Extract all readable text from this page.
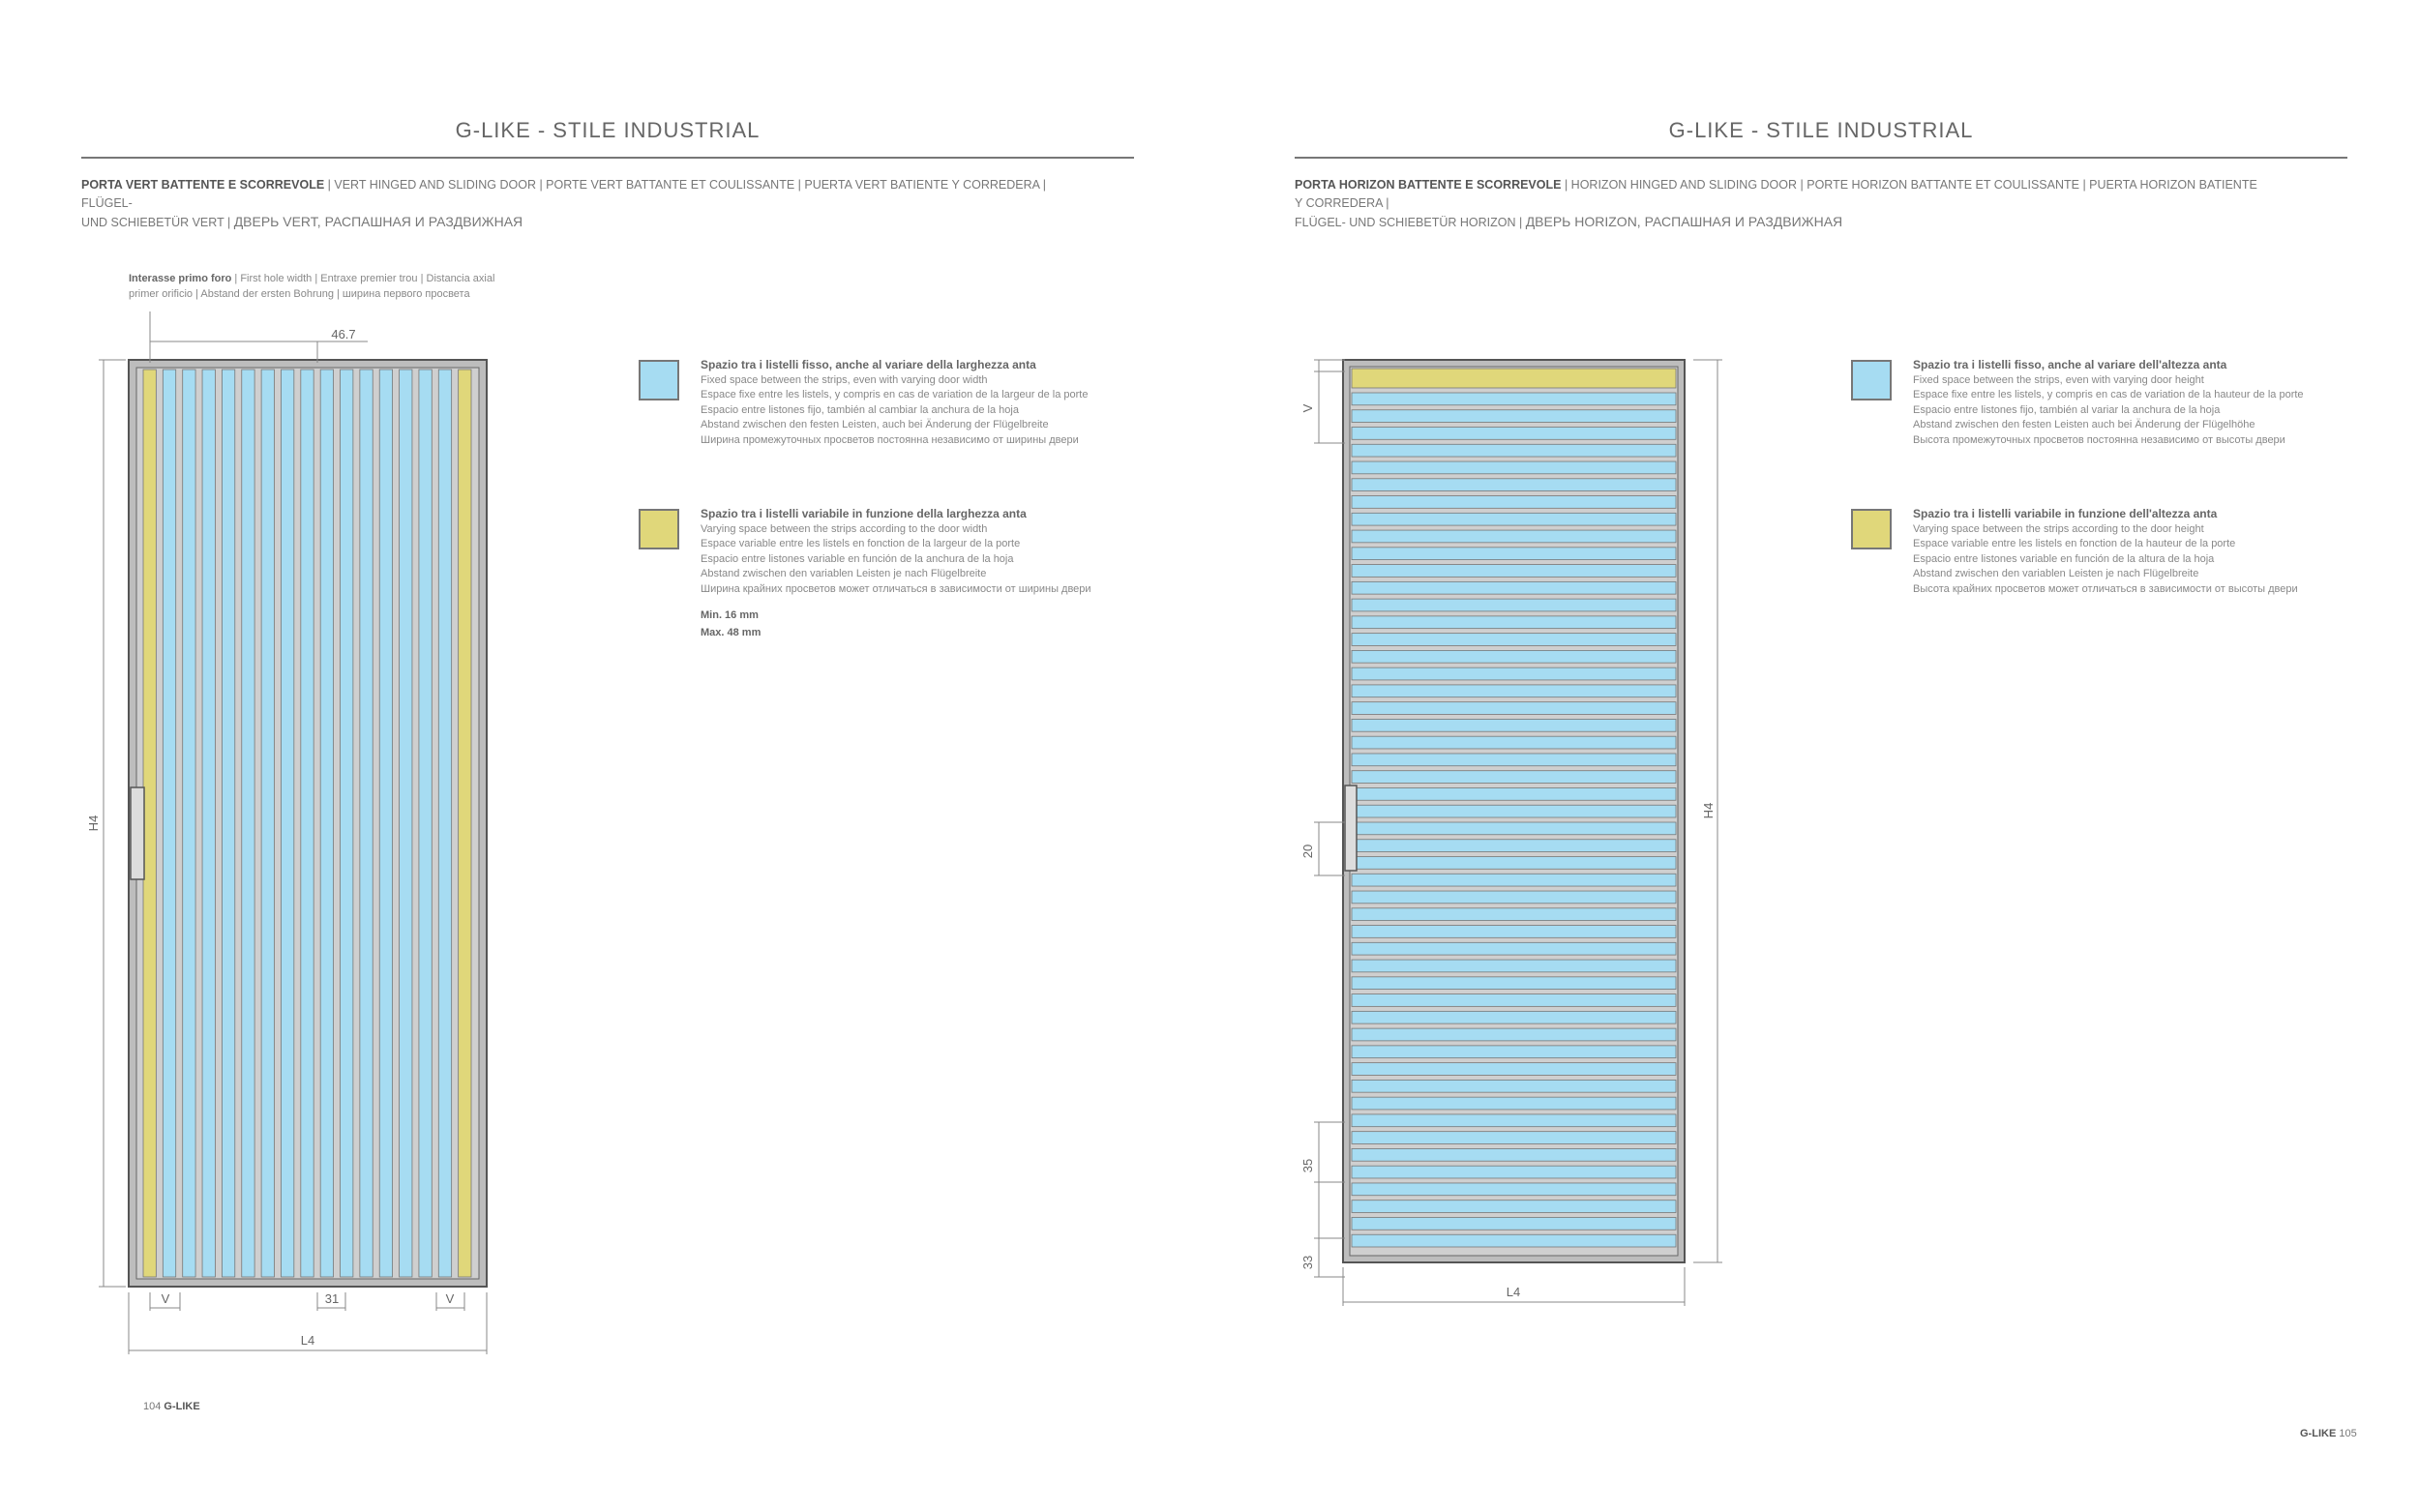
G-LIKE - STILE INDUSTRIAL
PORTA VERT BATTENTE E SCORREVOLE | VERT HINGED AND SLIDING DOOR | PORTE VERT BATTANTE ET COULISSANTE | PUERTA VERT BATIENTE Y CORREDERA | FLÜGEL-
UND SCHIEBETÜR VERT | ДВЕРЬ VERT, РАСПАШНАЯ И РАЗДВИЖНАЯ
Interasse primo foro | First hole width | Entraxe premier trou | Distancia axial
primer orificio | Abstand der ersten Bohrung | ширина первого просвета
46.7
H4
V	31	V
L4
Spazio tra i listelli fisso, anche al variare della larghezza anta
Fixed space between the strips, even with varying door width
Espace fixe entre les listels, y compris en cas de variation de la largeur de la porte
Espacio entre listones fijo, también al cambiar la anchura de la hoja
Abstand zwischen den festen Leisten, auch bei Änderung der Flügelbreite
Ширина промежуточных просветов постоянна независимо от ширины двери
Spazio tra i listelli variabile in funzione della larghezza anta
Varying space between the strips according to the door width
Espace variable entre les listels en fonction de la largeur de la porte
Espacio entre listones variable en función de la anchura de la hoja
Abstand zwischen den variablen Leisten je nach Flügelbreite
Ширина крайних просветов может отличаться в зависимости от ширины двери
Min. 16 mm
Max. 48 mm
104 G-LIKE
G-LIKE - STILE INDUSTRIAL
PORTA HORIZON BATTENTE E SCORREVOLE | HORIZON HINGED AND SLIDING DOOR | PORTE HORIZON BATTANTE ET COULISSANTE | PUERTA HORIZON BATIENTE Y CORREDERA |
FLÜGEL- UND SCHIEBETÜR HORIZON | ДВЕРЬ HORIZON, РАСПАШНАЯ И РАЗДВИЖНАЯ
V
20
35
33
H4
L4
Spazio tra i listelli fisso, anche al variare dell'altezza anta
Fixed space between the strips, even with varying door height
Espace fixe entre les listels, y compris en cas de variation de la hauteur de la porte
Espacio entre listones fijo, también al variar la anchura de la hoja
Abstand zwischen den festen Leisten auch bei Änderung der Flügelhöhe
Высота промежуточных просветов постоянна независимо от высоты двери
Spazio tra i listelli variabile in funzione dell'altezza anta
Varying space between the strips according to the door height
Espace variable entre les listels en fonction de la hauteur de la porte
Espacio entre listones variable en función de la altura de la hoja
Abstand zwischen den variablen Leisten je nach Flügelbreite
Высота крайних просветов может отличаться в зависимости от высоты двери
G-LIKE 105
